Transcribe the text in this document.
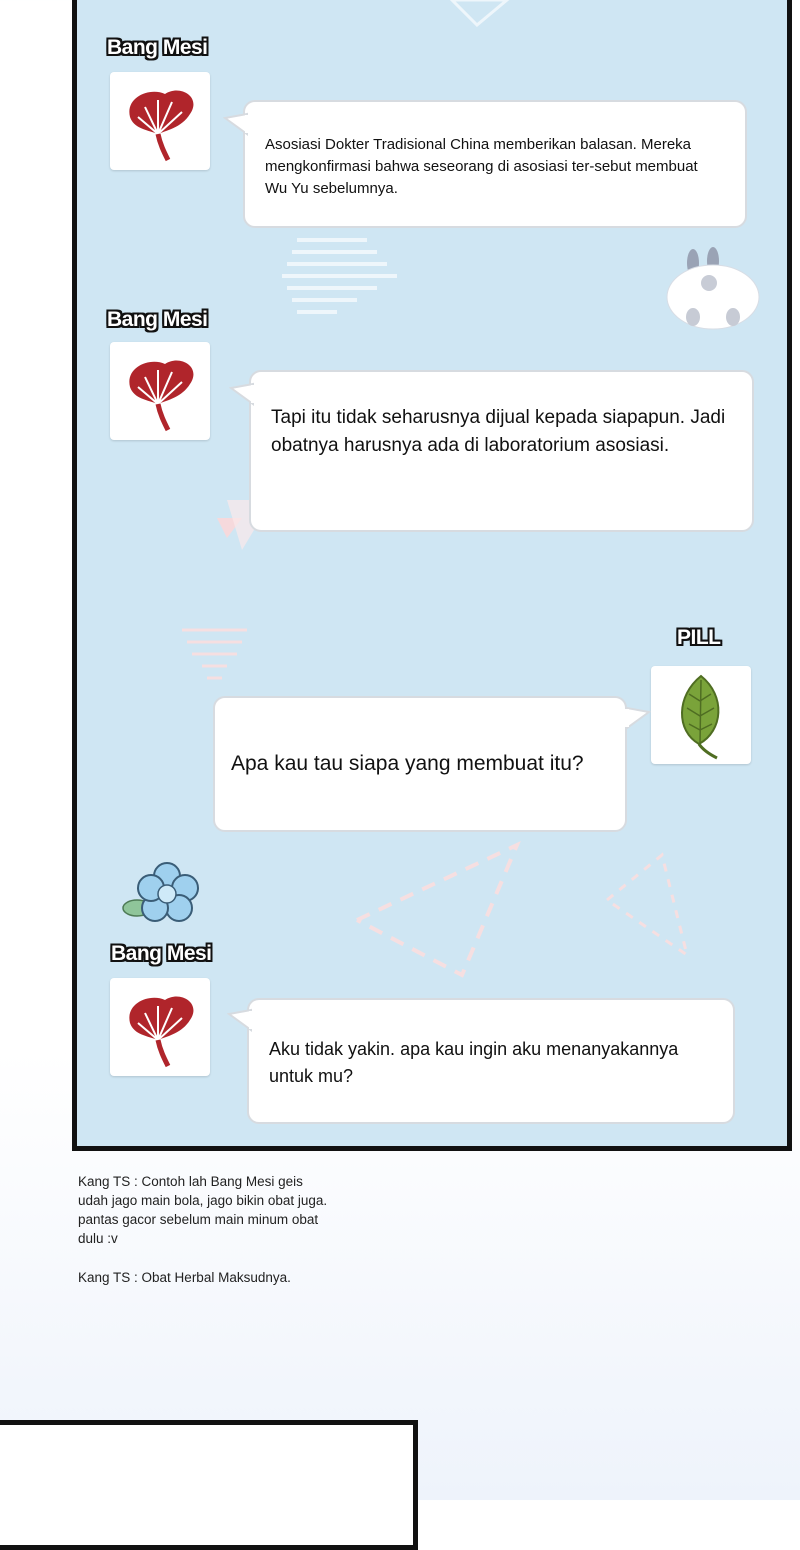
Bang Mesi
Asosiasi Dokter Tradisional China memberikan balasan. Mereka mengkonfirmasi bahwa seseorang di asosiasi ter-sebut membuat Wu Yu sebelumnya.
Bang Mesi
Tapi itu tidak seharusnya dijual kepada siapapun. Jadi obatnya harusnya ada di laboratorium asosiasi.
PILL
Apa kau tau siapa yang membuat itu?
Bang Mesi
Aku tidak yakin. apa kau ingin aku menanyakannya untuk mu?
Kang TS : Contoh lah Bang Mesi geis udah jago main bola, jago bikin obat juga. pantas gacor sebelum main minum obat dulu :v
Kang TS : Obat Herbal Maksudnya.
